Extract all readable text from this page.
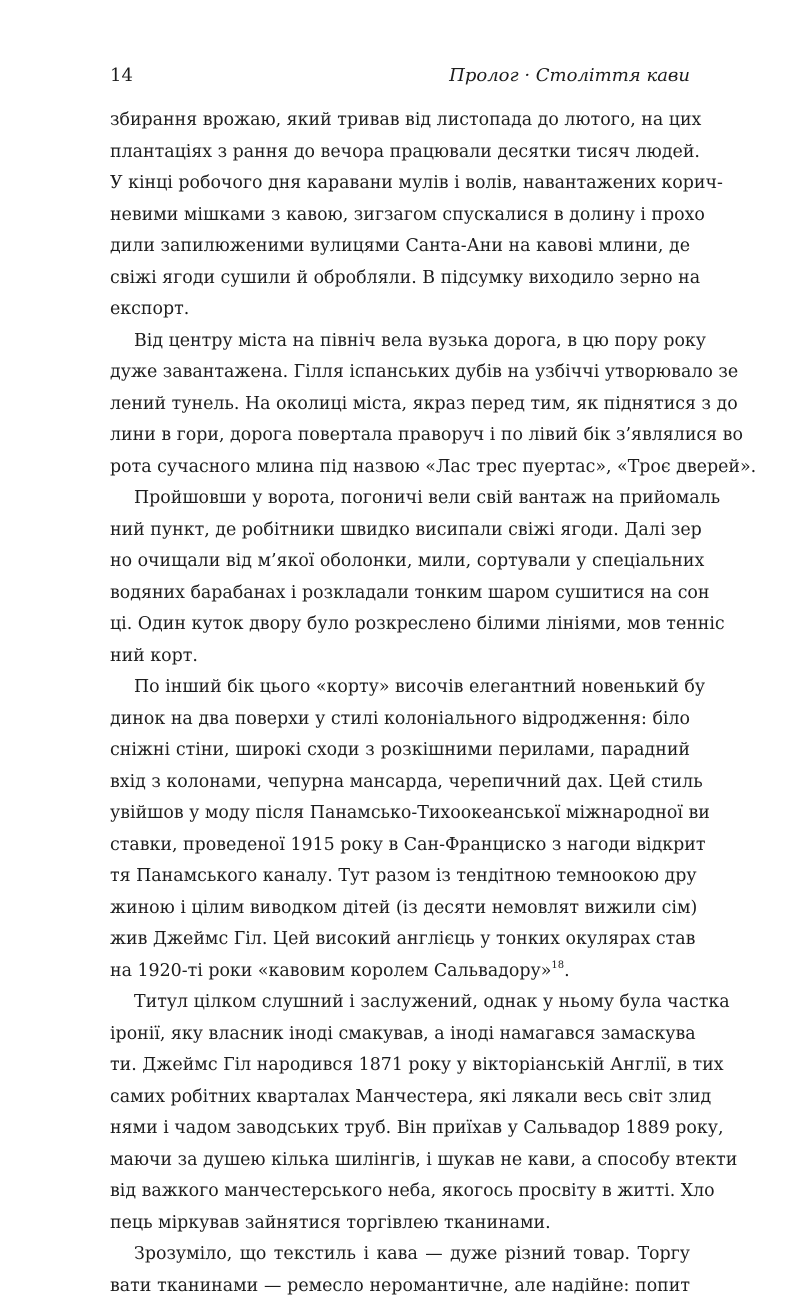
14	Пролог · Століття кави
збирання врожаю, який тривав від листопада до лютого, на цих
плантаціях з рання до вечора працювали десятки тисяч людей.
У кінці робочого дня каравани мулів і волів, навантажених корич-
невими мішками з кавою, зигзагом спускалися в долину і прохо
дили запилюженими вулицями Санта-Ани на кавові млини, де
свіжі ягоди сушили й обробляли. В підсумку виходило зерно на
експорт.
Від центру міста на північ вела вузька дорога, в цю пору року
дуже завантажена. Гілля іспанських дубів на узбіччі утворювало зе
лений тунель. На околиці міста, якраз перед тим, як піднятися з до
лини в гори, дорога повертала праворуч і по лівий бік з’являлися во
рота сучасного млина під назвою «Лас трес пуертас», «Троє дверей».
Пройшовши у ворота, погоничі вели свій вантаж на прийомаль
ний пункт, де робітники швидко висипали свіжі ягоди. Далі зер
но очищали від м’якої оболонки, мили, сортували у спеціальних
водяних барабанах і розкладали тонким шаром сушитися на сон
ці. Один куток двору було розкреслено білими лініями, мов тенніс
ний корт.
По інший бік цього «корту» височів елегантний новенький бу
динок на два поверхи у стилі колоніального відродження: біло
сніжні стіни, широкі сходи з розкішними перилами, парадний
вхід з колонами, чепурна мансарда, черепичний дах. Цей стиль
увійшов у моду після Панамсько-Тихоокеанської міжнародної ви
ставки, проведеної 1915 року в Сан-Франциско з нагоди відкрит
тя Панамського каналу. Тут разом із тендітною темноокою дру
жиною і цілим виводком дітей (із десяти немовлят вижили сім)
жив Джеймс Гіл. Цей високий англієць у тонких окулярах став
на 1920-ті роки «кавовим королем Сальвадору»$^{18}$.
Титул цілком слушний і заслужений, однак у ньому була частка
іронії, яку власник іноді смакував, а іноді намагався замаскува
ти. Джеймс Гіл народився 1871 року у вікторіанській Англії, в тих
самих робітних кварталах Манчестера, які лякали весь світ злид
нями і чадом заводських труб. Він приїхав у Сальвадор 1889 року,
маючи за душею кілька шилінгів, і шукав не кави, а способу втекти
від важкого манчестерського неба, якогось просвіту в житті. Хло
пець міркував зайнятися торгівлею тканинами.
Зрозуміло, що текстиль і кава — дуже різний товар. Торгу
вати тканинами — ремесло неромантичне, але надійне: попит
